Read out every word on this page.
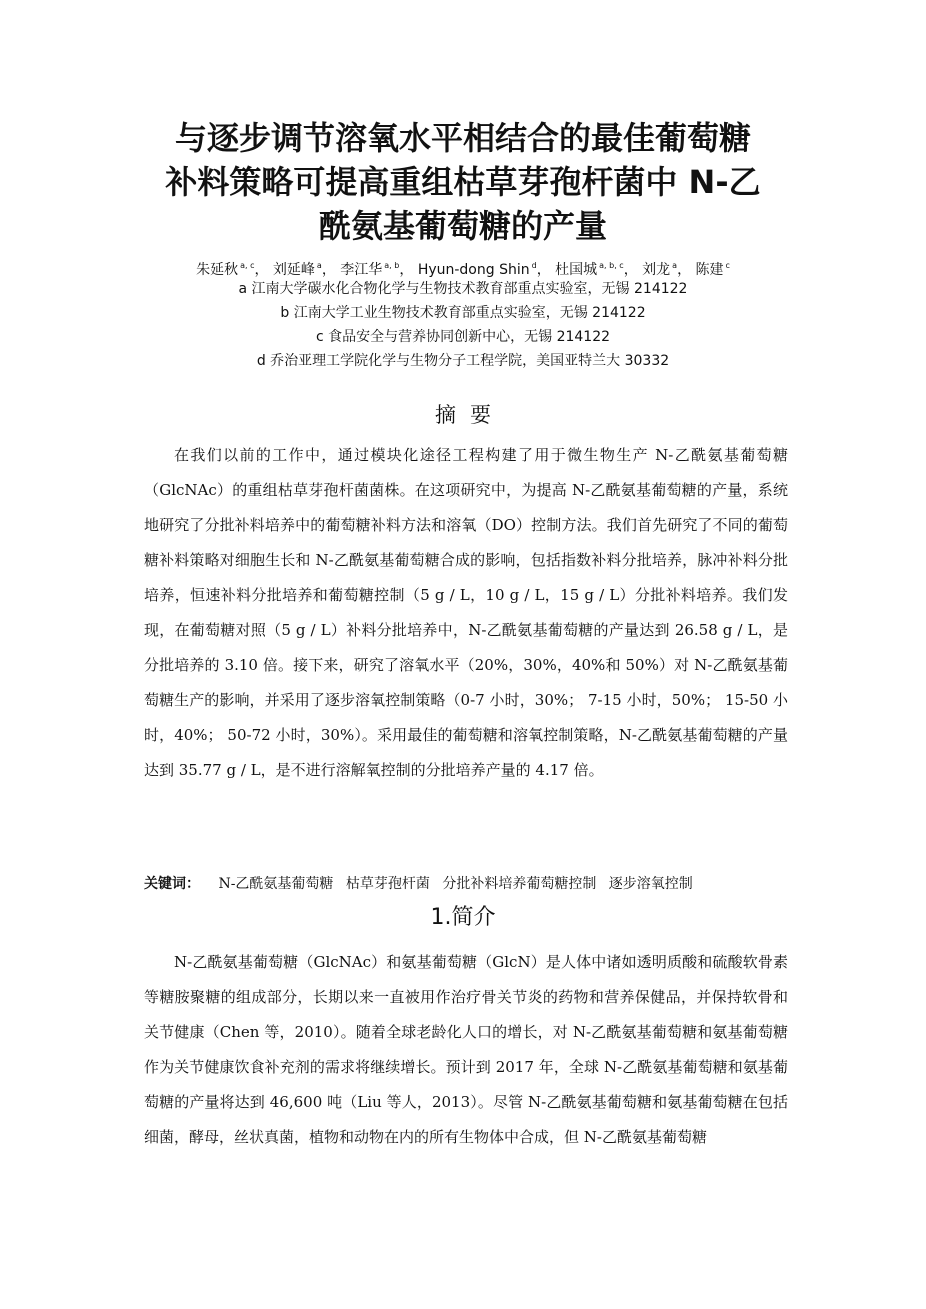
与逐步调节溶氧水平相结合的最佳葡萄糖
补料策略可提高重组枯草芽孢杆菌中 N-乙
酰氨基葡萄糖的产量
朱延秋 $^{a, c}$， 刘延峰 $^a$， 李江华 $^{a, b}$， Hyun-dong Shin $^d$， 杜国城 $^{a, b, c}$， 刘龙 $^a$， 陈建 $^c$
a 江南大学碳水化合物化学与生物技术教育部重点实验室，无锡 214122
b 江南大学工业生物技术教育部重点实验室，无锡 214122
c 食品安全与营养协同创新中心，无锡 214122
d 乔治亚理工学院化学与生物分子工程学院，美国亚特兰大 30332
摘要

在我们以前的工作中，通过模块化途径工程构建了用于微生物生产 N-乙酰氨基葡萄糖（GlcNAc）的重组枯草芽孢杆菌菌株。在这项研究中，为提高 N-乙酰氨基葡萄糖的产量，系统地研究了分批补料培养中的葡萄糖补料方法和溶氧（DO）控制方法。我们首先研究了不同的葡萄糖补料策略对细胞生长和 N-乙酰氨基葡萄糖合成的影响，包括指数补料分批培养，脉冲补料分批培养，恒速补料分批培养和葡萄糖控制（5 g / L，10 g / L，15 g / L）分批补料培养。我们发现，在葡萄糖对照（5 g / L）补料分批培养中，N-乙酰氨基葡萄糖的产量达到 26.58 g / L，是分批培养的 3.10 倍。接下来，研究了溶氧水平（20%，30%，40%和 50%）对 N-乙酰氨基葡萄糖生产的影响，并采用了逐步溶氧控制策略（0-7 小时，30%； 7-15 小时，50%； 15-50 小时，40%； 50-72 小时，30%）。采用最佳的葡萄糖和溶氧控制策略，N-乙酰氨基葡萄糖的产量达到 35.77 g / L，是不进行溶解氧控制的分批培养产量的 4.17 倍。

关键词： N-乙酰氨基葡萄糖 枯草芽孢杆菌 分批补料培养葡萄糖控制 逐步溶氧控制
1.简介

N-乙酰氨基葡萄糖（GlcNAc）和氨基葡萄糖（GlcN）是人体中诸如透明质酸和硫酸软骨素等糖胺聚糖的组成部分，长期以来一直被用作治疗骨关节炎的药物和营养保健品，并保持软骨和关节健康（Chen 等，2010）。随着全球老龄化人口的增长，对 N-乙酰氨基葡萄糖和氨基葡萄糖作为关节健康饮食补充剂的需求将继续增长。预计到 2017 年，全球 N-乙酰氨基葡萄糖和氨基葡萄糖的产量将达到 46,600 吨（Liu 等人，2013）。尽管 N-乙酰氨基葡萄糖和氨基葡萄糖在包括细菌，酵母，丝状真菌，植物和动物在内的所有生物体中合成，但 N-乙酰氨基葡萄糖
